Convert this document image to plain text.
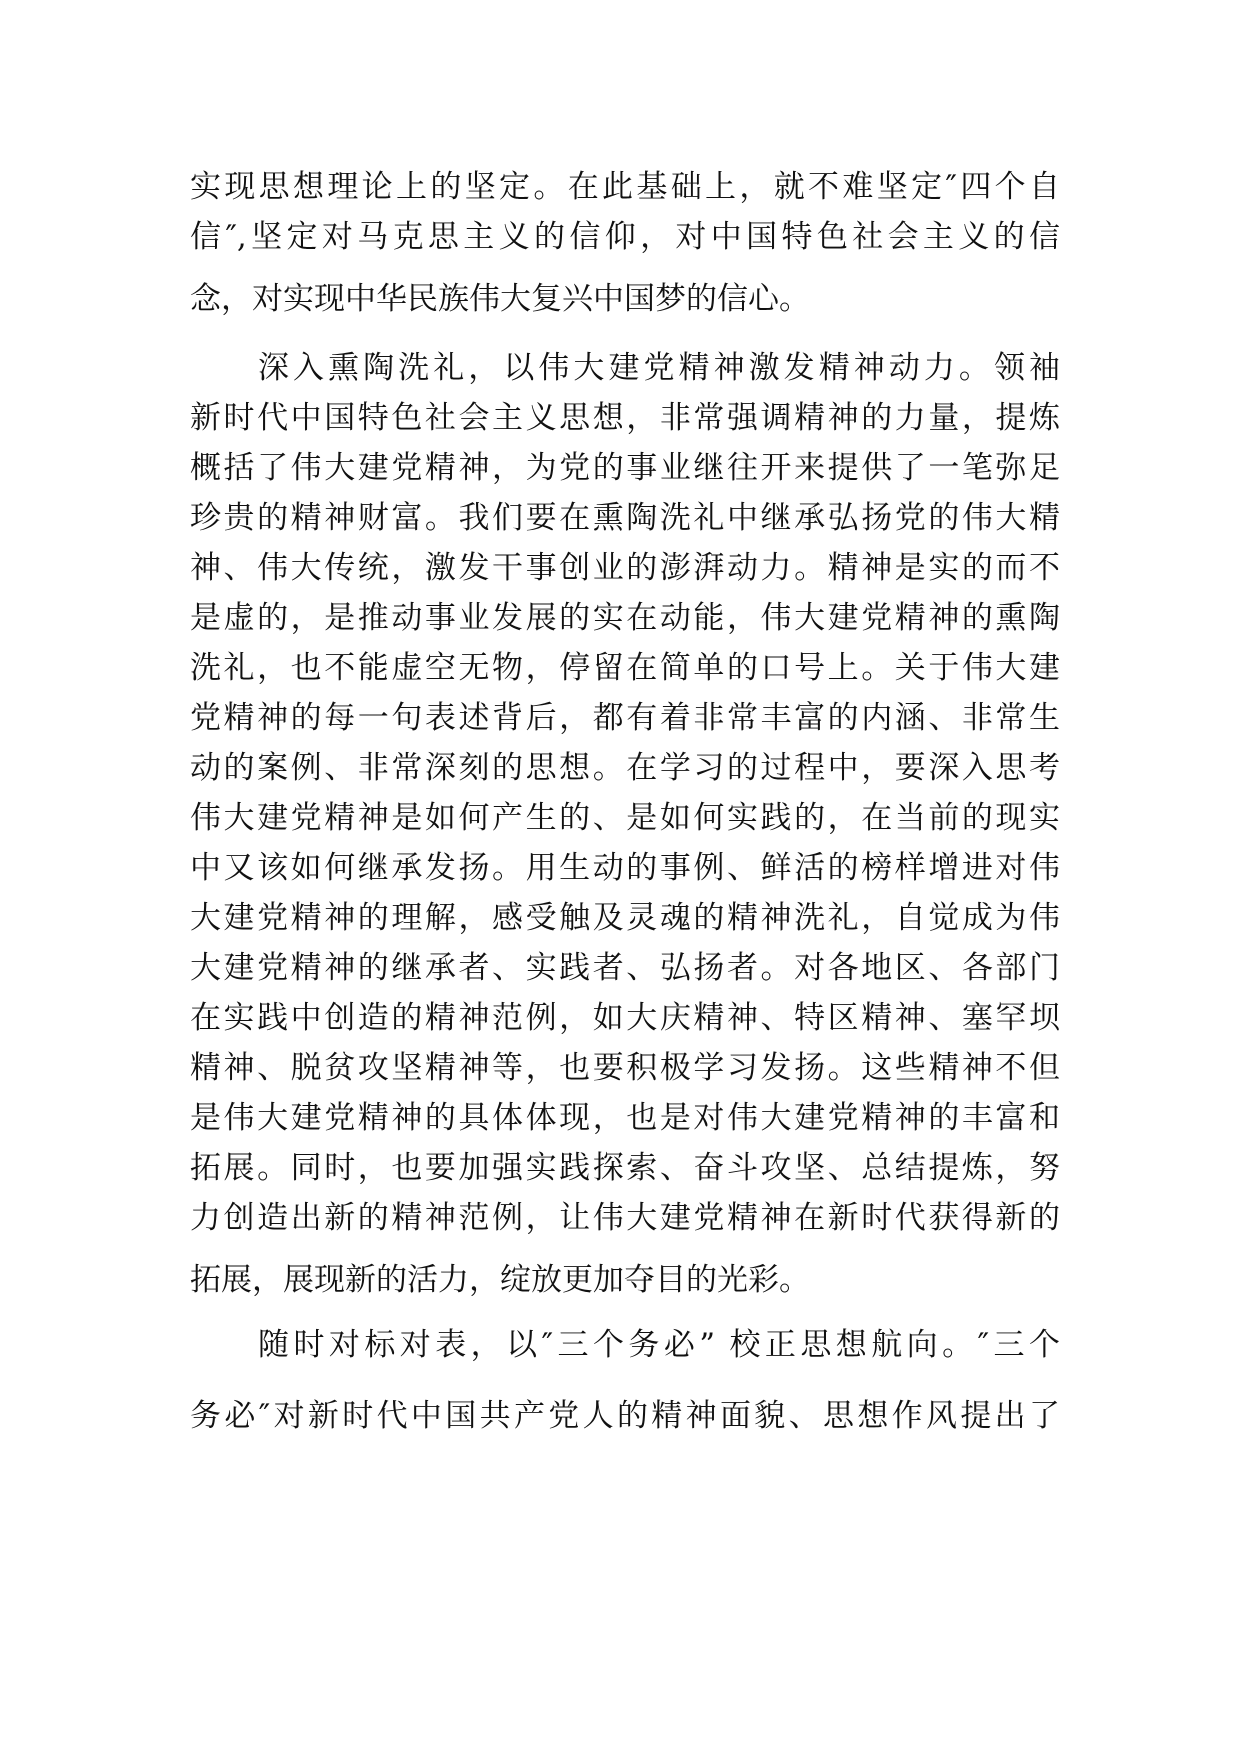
实现思想理论上的坚定。在此基础上，就不难坚定″四个自
信″,坚定对马克思主义的信仰，对中国特色社会主义的信
念，对实现中华民族伟大复兴中国梦的信心。
深入熏陶洗礼，以伟大建党精神激发精神动力。领袖
新时代中国特色社会主义思想，非常强调精神的力量，提炼
概括了伟大建党精神，为党的事业继往开来提供了一笔弥足
珍贵的精神财富。我们要在熏陶洗礼中继承弘扬党的伟大精
神、伟大传统，激发干事创业的澎湃动力。精神是实的而不
是虚的，是推动事业发展的实在动能，伟大建党精神的熏陶
洗礼，也不能虚空无物，停留在简单的口号上。关于伟大建
党精神的每一句表述背后，都有着非常丰富的内涵、非常生
动的案例、非常深刻的思想。在学习的过程中，要深入思考
伟大建党精神是如何产生的、是如何实践的，在当前的现实
中又该如何继承发扬。用生动的事例、鲜活的榜样增进对伟
大建党精神的理解，感受触及灵魂的精神洗礼，自觉成为伟
大建党精神的继承者、实践者、弘扬者。对各地区、各部门
在实践中创造的精神范例，如大庆精神、特区精神、塞罕坝
精神、脱贫攻坚精神等，也要积极学习发扬。这些精神不但
是伟大建党精神的具体体现，也是对伟大建党精神的丰富和
拓展。同时，也要加强实践探索、奋斗攻坚、总结提炼，努
力创造出新的精神范例，让伟大建党精神在新时代获得新的
拓展，展现新的活力，绽放更加夺目的光彩。
随时对标对表，以″三个务必” 校正思想航向。″三个
务必″对新时代中国共产党人的精神面貌、思想作风提出了
